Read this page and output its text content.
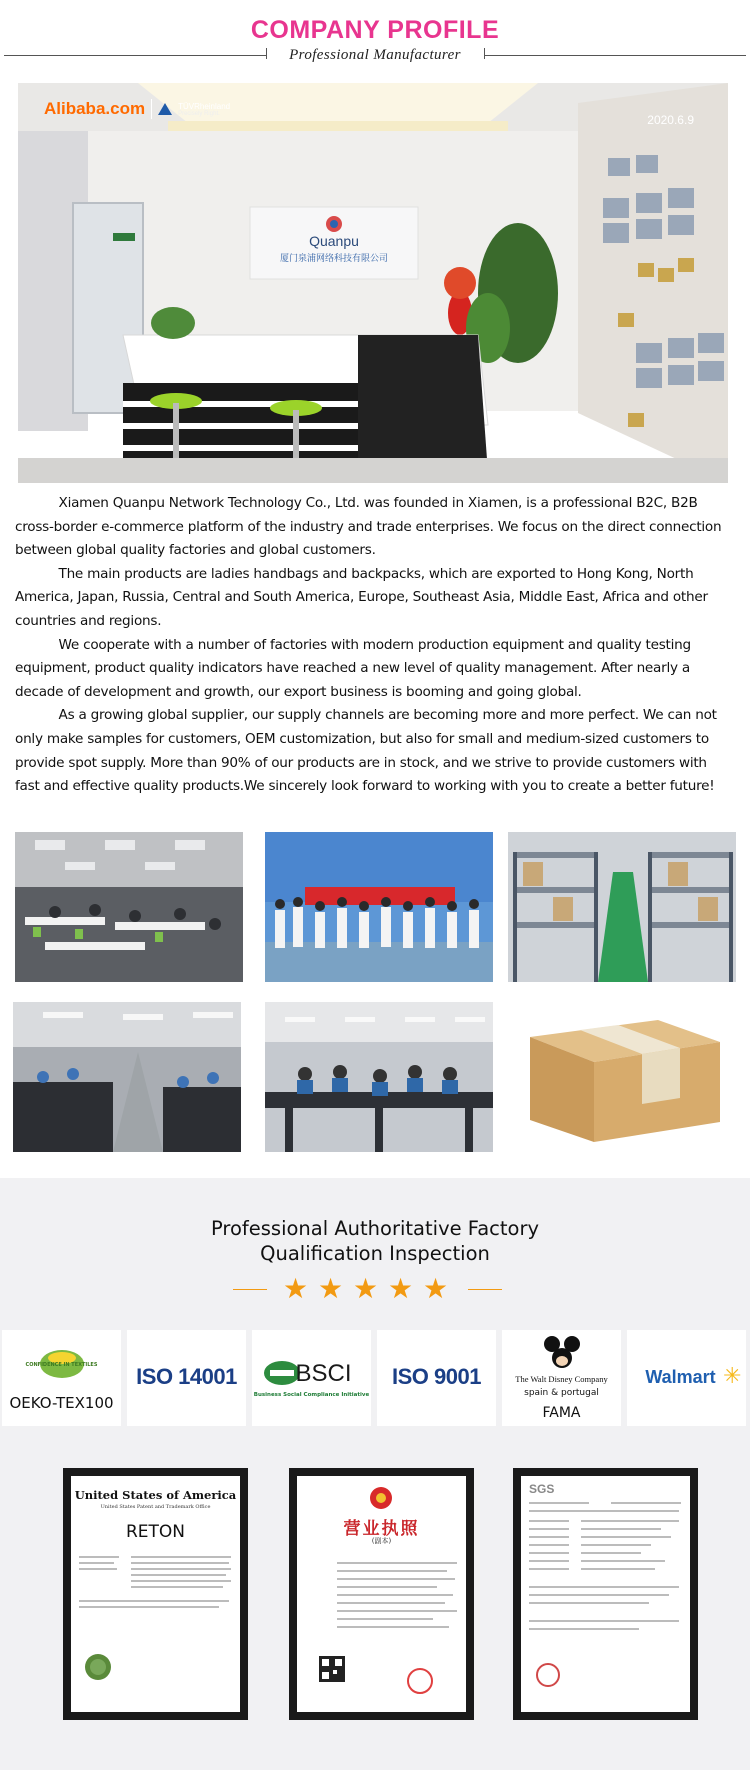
COMPANY PROFILE
Professional Manufacturer
Alibaba.com	TÜVRheinland
Precisely Right.	2020.6.9
Quanpu
厦门泉浦网络科技有限公司

Xiamen Quanpu Network Technology Co., Ltd. was founded in Xiamen, is a professional B2C, B2B cross-border e-commerce platform of the industry and trade enterprises. We focus on the direct connection between global quality factories and global customers.

The main products are ladies handbags and backpacks, which are exported to Hong Kong, North America, Japan, Russia, Central and South America, Europe, Southeast Asia, Middle East, Africa and other countries and regions.

We cooperate with a number of factories with modern production equipment and quality testing equipment, product quality indicators have reached a new level of quality management. After nearly a decade of development and growth, our export business is booming and going global.

As a growing global supplier, our supply channels are becoming more and more perfect. We can not only make samples for customers, OEM customization, but also for small and medium-sized customers to provide spot supply. More than 90% of our products are in stock, and we strive to provide customers with fast and effective quality products.We sincerely look forward to working with you to create a better future!

Professional Authoritative Factory
Qualification Inspection
★ ★ ★ ★ ★
CONFIDENCE IN TEXTILES
OEKO-TEX100
ISO 14001	BSCI
Business Social Compliance Initiative
ISO 9001	The Walt Disney Company
spain & portugal
FAMA
Walmart ✳
United States of America
United States Patent and Trademark Office
RETON	营业执照
(副本)
SGS
